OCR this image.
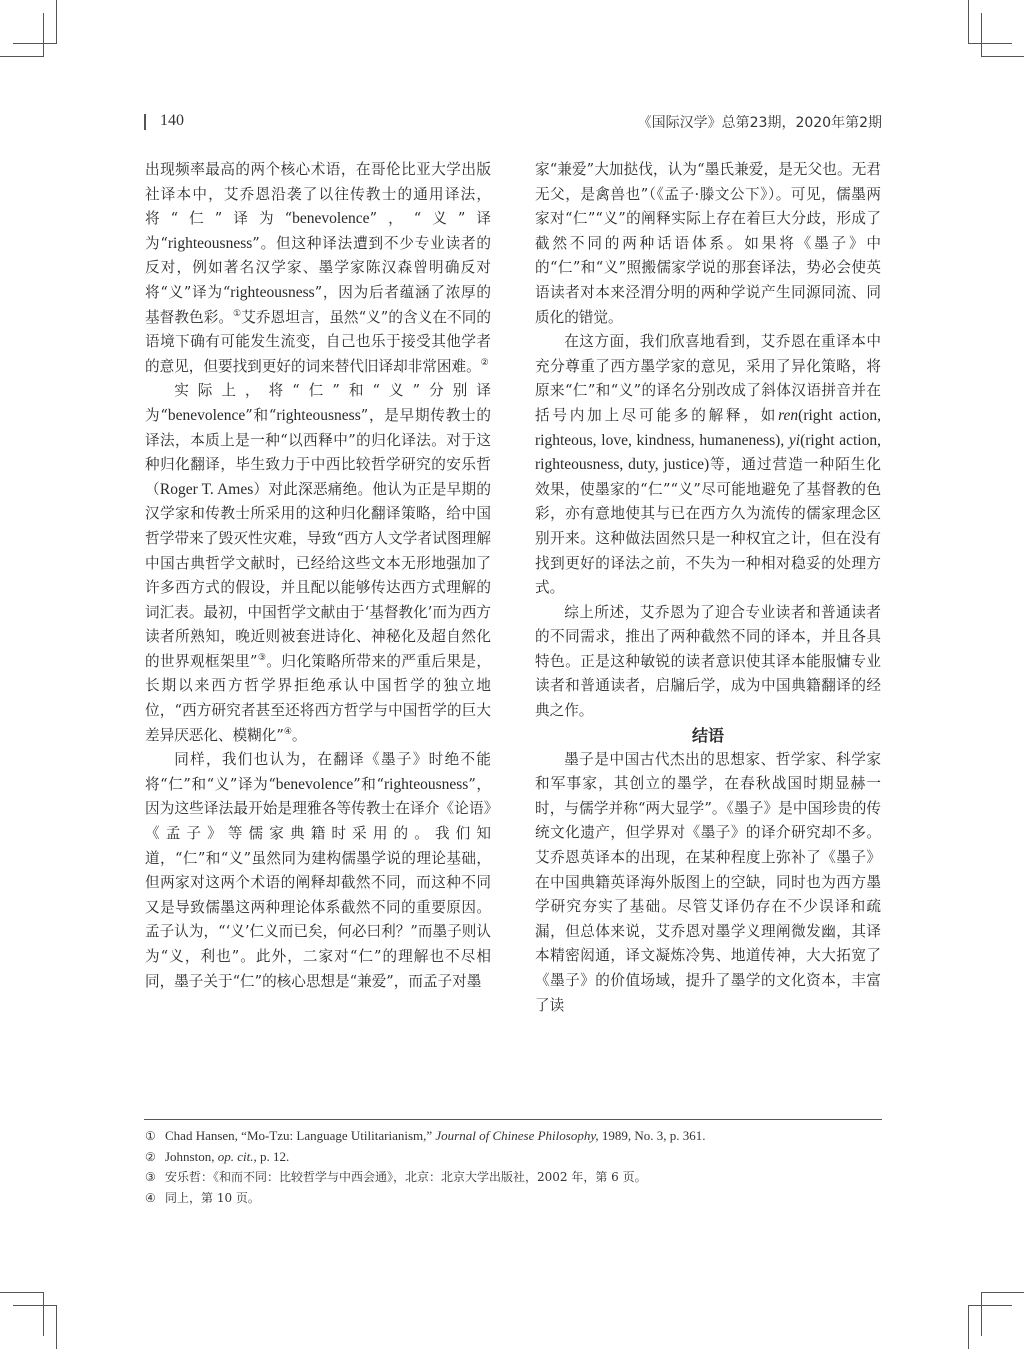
140	《国际汉学》总第23期，2020年第2期

出现频率最高的两个核心术语，在哥伦比亚大学出版社译本中，艾乔恩沿袭了以往传教士的通用译法，将“仁”译为“benevolence”，“义”译为“righteousness”。但这种译法遭到不少专业读者的反对，例如著名汉学家、墨学家陈汉森曾明确反对将“义”译为“righteousness”，因为后者蕴涵了浓厚的基督教色彩。①艾乔恩坦言，虽然“义”的含义在不同的语境下确有可能发生流变，自己也乐于接受其他学者的意见，但要找到更好的词来替代旧译却非常困难。②

实际上，将“仁”和“义”分别译为“benevolence”和“righteousness”，是早期传教士的译法，本质上是一种“以西释中”的归化译法。对于这种归化翻译，毕生致力于中西比较哲学研究的安乐哲（Roger T. Ames）对此深恶痛绝。他认为正是早期的汉学家和传教士所采用的这种归化翻译策略，给中国哲学带来了毁灭性灾难，导致“西方人文学者试图理解中国古典哲学文献时，已经给这些文本无形地强加了许多西方式的假设，并且配以能够传达西方式理解的词汇表。最初，中国哲学文献由于‘基督教化’而为西方读者所熟知，晚近则被套进诗化、神秘化及超自然化的世界观框架里”③。归化策略所带来的严重后果是，长期以来西方哲学界拒绝承认中国哲学的独立地位，“西方研究者甚至还将西方哲学与中国哲学的巨大差异厌恶化、模糊化”④。

同样，我们也认为，在翻译《墨子》时绝不能将“仁”和“义”译为“benevolence”和“righteousness”，因为这些译法最开始是理雅各等传教士在译介《论语》《孟子》等儒家典籍时采用的。我们知道，“仁”和“义”虽然同为建构儒墨学说的理论基础，但两家对这两个术语的阐释却截然不同，而这种不同又是导致儒墨这两种理论体系截然不同的重要原因。孟子认为，“‘义’仁义而已矣，何必曰利？”而墨子则认为“义，利也”。此外，二家对“仁”的理解也不尽相同，墨子关于“仁”的核心思想是“兼爱”，而孟子对墨

家“兼爱”大加挞伐，认为“墨氏兼爱，是无父也。无君无父，是禽兽也”（《孟子·滕文公下》）。可见，儒墨两家对“仁”“义”的阐释实际上存在着巨大分歧，形成了截然不同的两种话语体系。如果将《墨子》中的“仁”和“义”照搬儒家学说的那套译法，势必会使英语读者对本来泾渭分明的两种学说产生同源同流、同质化的错觉。

在这方面，我们欣喜地看到，艾乔恩在重译本中充分尊重了西方墨学家的意见，采用了异化策略，将原来“仁”和“义”的译名分别改成了斜体汉语拼音并在括号内加上尽可能多的解释，如ren(right action, righteous, love, kindness, humaneness), yi(right action, righteousness, duty, justice)等，通过营造一种陌生化效果，使墨家的“仁”“义”尽可能地避免了基督教的色彩，亦有意地使其与已在西方久为流传的儒家理念区别开来。这种做法固然只是一种权宜之计，但在没有找到更好的译法之前，不失为一种相对稳妥的处理方式。

综上所述，艾乔恩为了迎合专业读者和普通读者的不同需求，推出了两种截然不同的译本，并且各具特色。正是这种敏锐的读者意识使其译本能服慵专业读者和普通读者，启牖后学，成为中国典籍翻译的经典之作。

结语

墨子是中国古代杰出的思想家、哲学家、科学家和军事家，其创立的墨学，在春秋战国时期显赫一时，与儒学并称“两大显学”。《墨子》是中国珍贵的传统文化遗产，但学界对《墨子》的译介研究却不多。艾乔恩英译本的出现，在某种程度上弥补了《墨子》在中国典籍英译海外版图上的空缺，同时也为西方墨学研究夯实了基础。尽管艾译仍存在不少误译和疏漏，但总体来说，艾乔恩对墨学义理阐微发幽，其译本精密闳通，译文凝炼冷隽、地道传神，大大拓宽了《墨子》的价值场域，提升了墨学的文化资本，丰富了读

① Chad Hansen, “Mo-Tzu: Language Utilitarianism,” Journal of Chinese Philosophy, 1989, No. 3, p. 361.
② Johnston, op. cit., p. 12.
③ 安乐哲：《和而不同：比较哲学与中西会通》，北京：北京大学出版社，2002 年，第 6 页。
④ 同上，第 10 页。
